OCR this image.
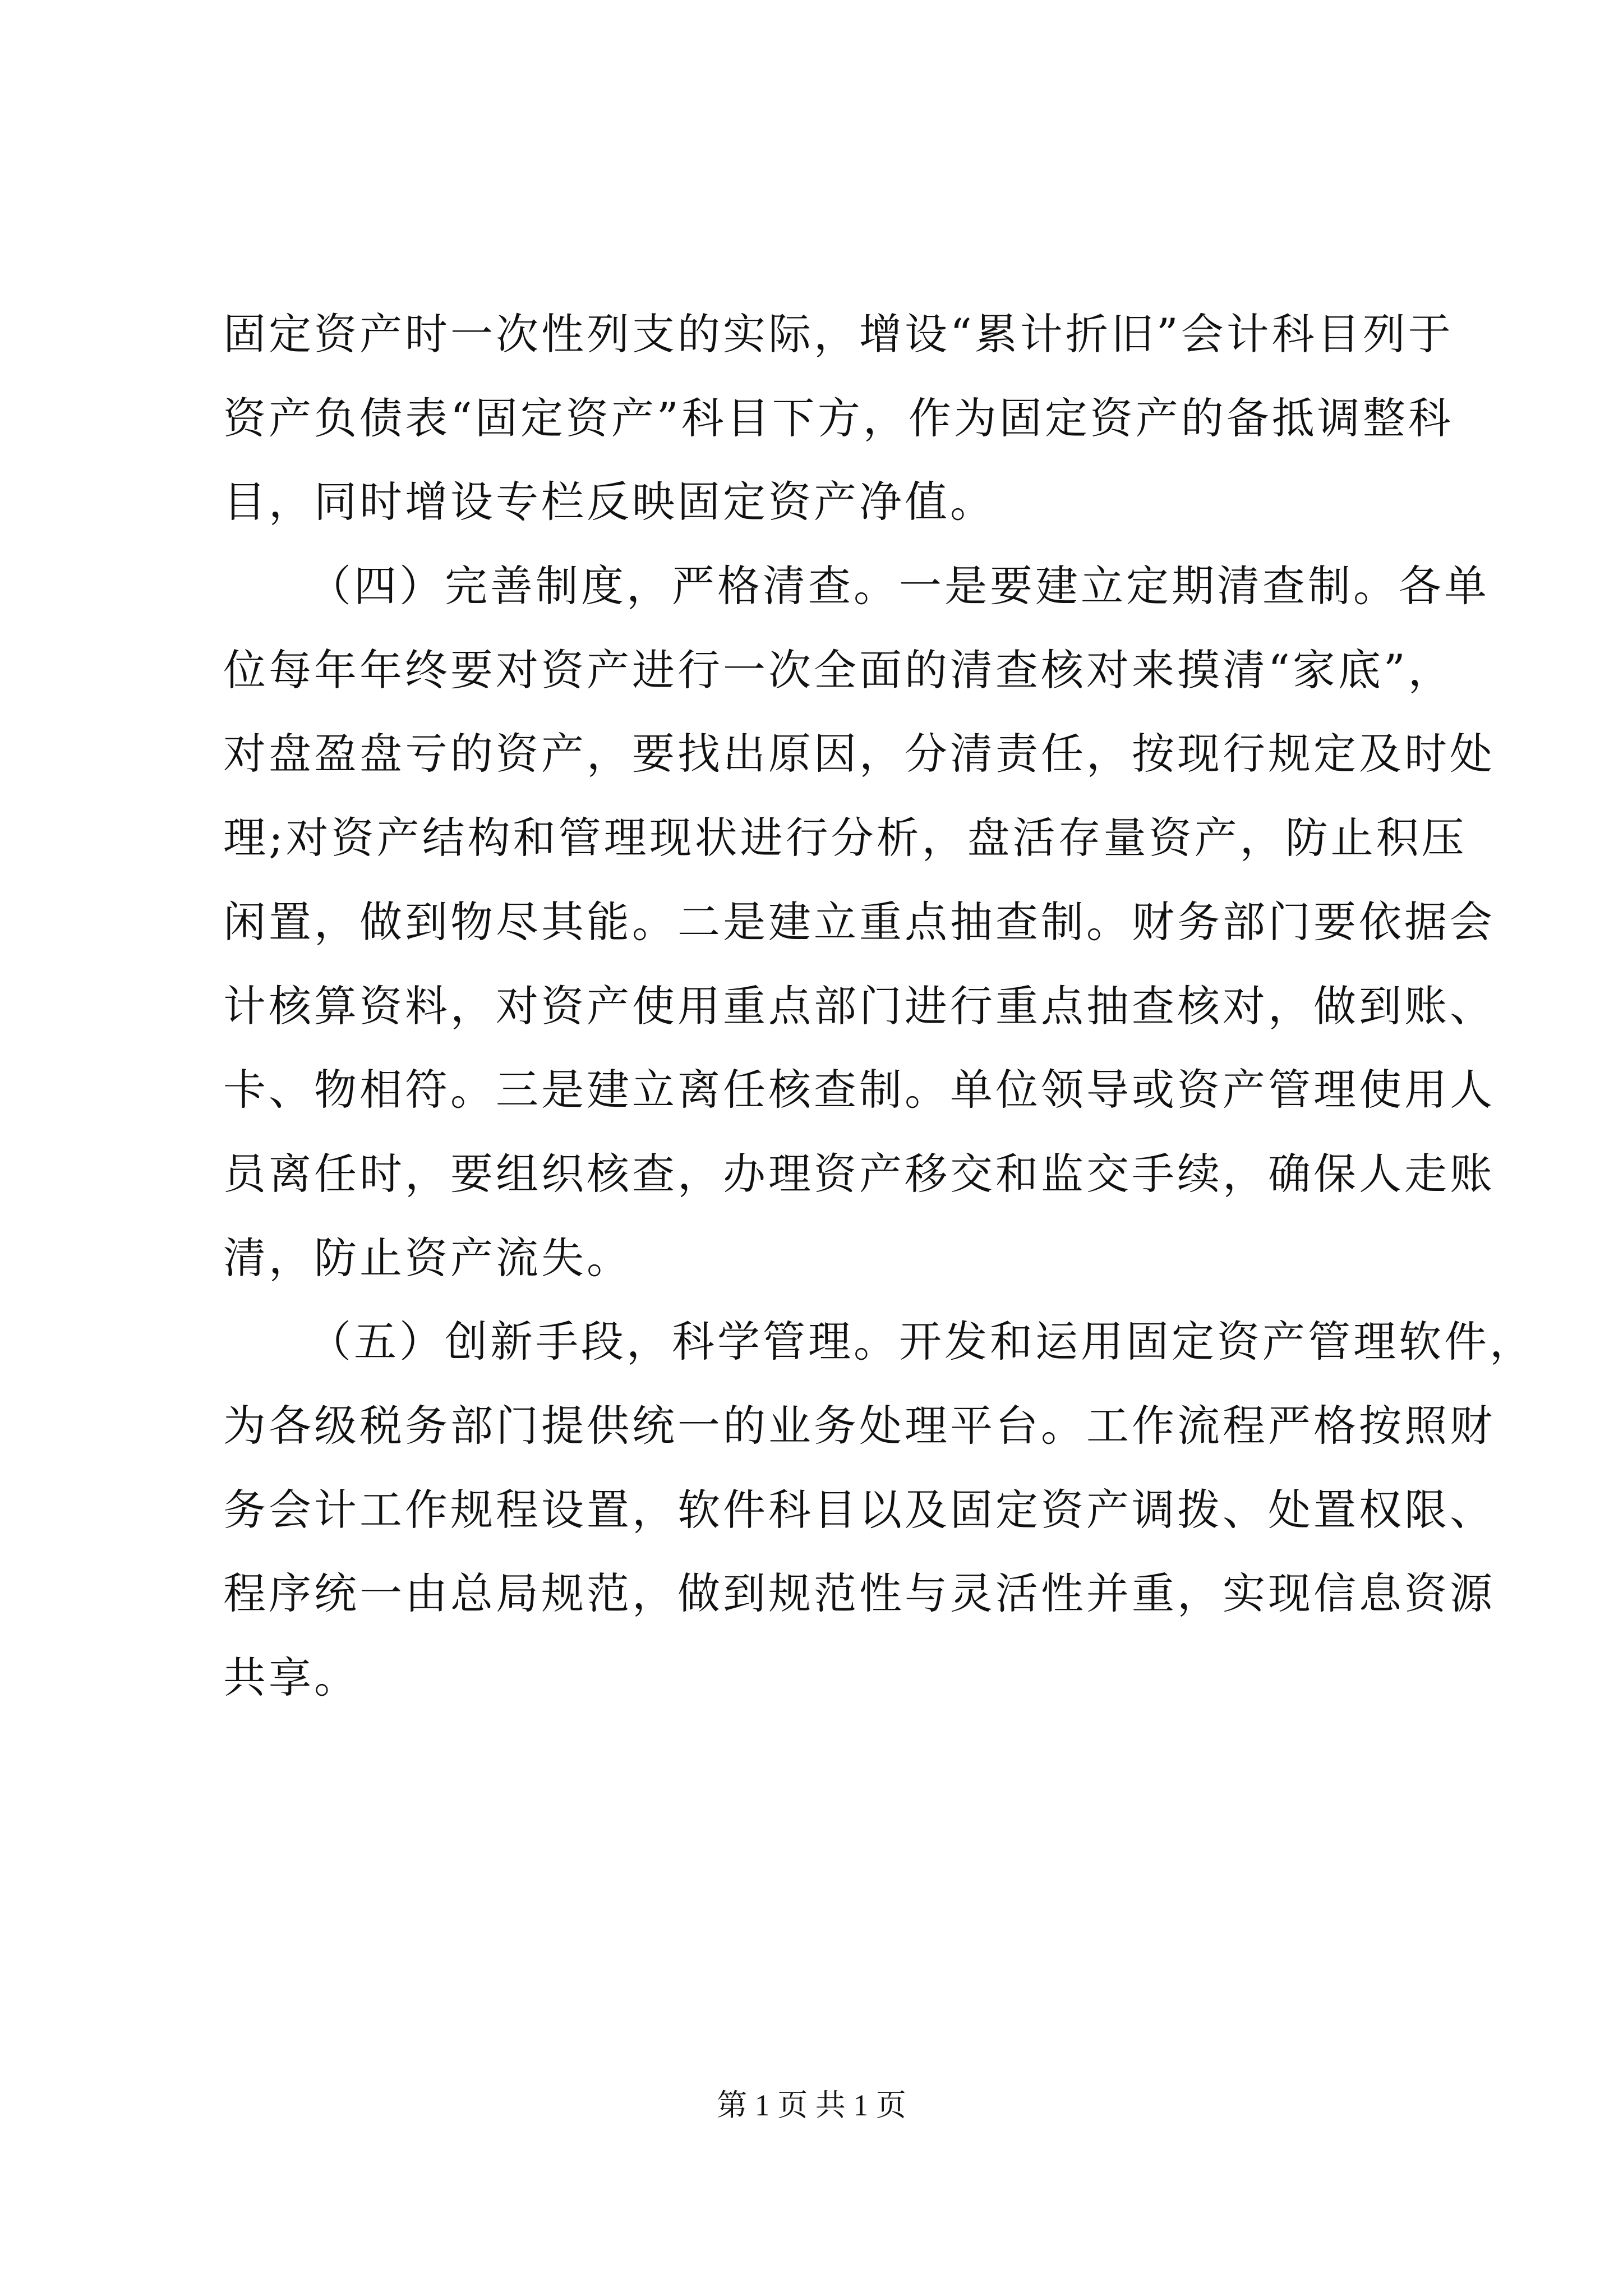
固定资产时一次性列支的实际，增设“累计折旧”会计科目列于
资产负债表“固定资产”科目下方，作为固定资产的备抵调整科
目，同时增设专栏反映固定资产净值。
（四）完善制度，严格清查。一是要建立定期清查制。各单
位每年年终要对资产进行一次全面的清查核对来摸清“家底”，
对盘盈盘亏的资产，要找出原因，分清责任，按现行规定及时处
理;对资产结构和管理现状进行分析，盘活存量资产，防止积压
闲置，做到物尽其能。二是建立重点抽查制。财务部门要依据会
计核算资料，对资产使用重点部门进行重点抽查核对，做到账、
卡、物相符。三是建立离任核查制。单位领导或资产管理使用人
员离任时，要组织核查，办理资产移交和监交手续，确保人走账
清，防止资产流失。
（五）创新手段，科学管理。开发和运用固定资产管理软件，
为各级税务部门提供统一的业务处理平台。工作流程严格按照财
务会计工作规程设置，软件科目以及固定资产调拨、处置权限、
程序统一由总局规范，做到规范性与灵活性并重，实现信息资源
共享。
第 1 页 共 1 页
